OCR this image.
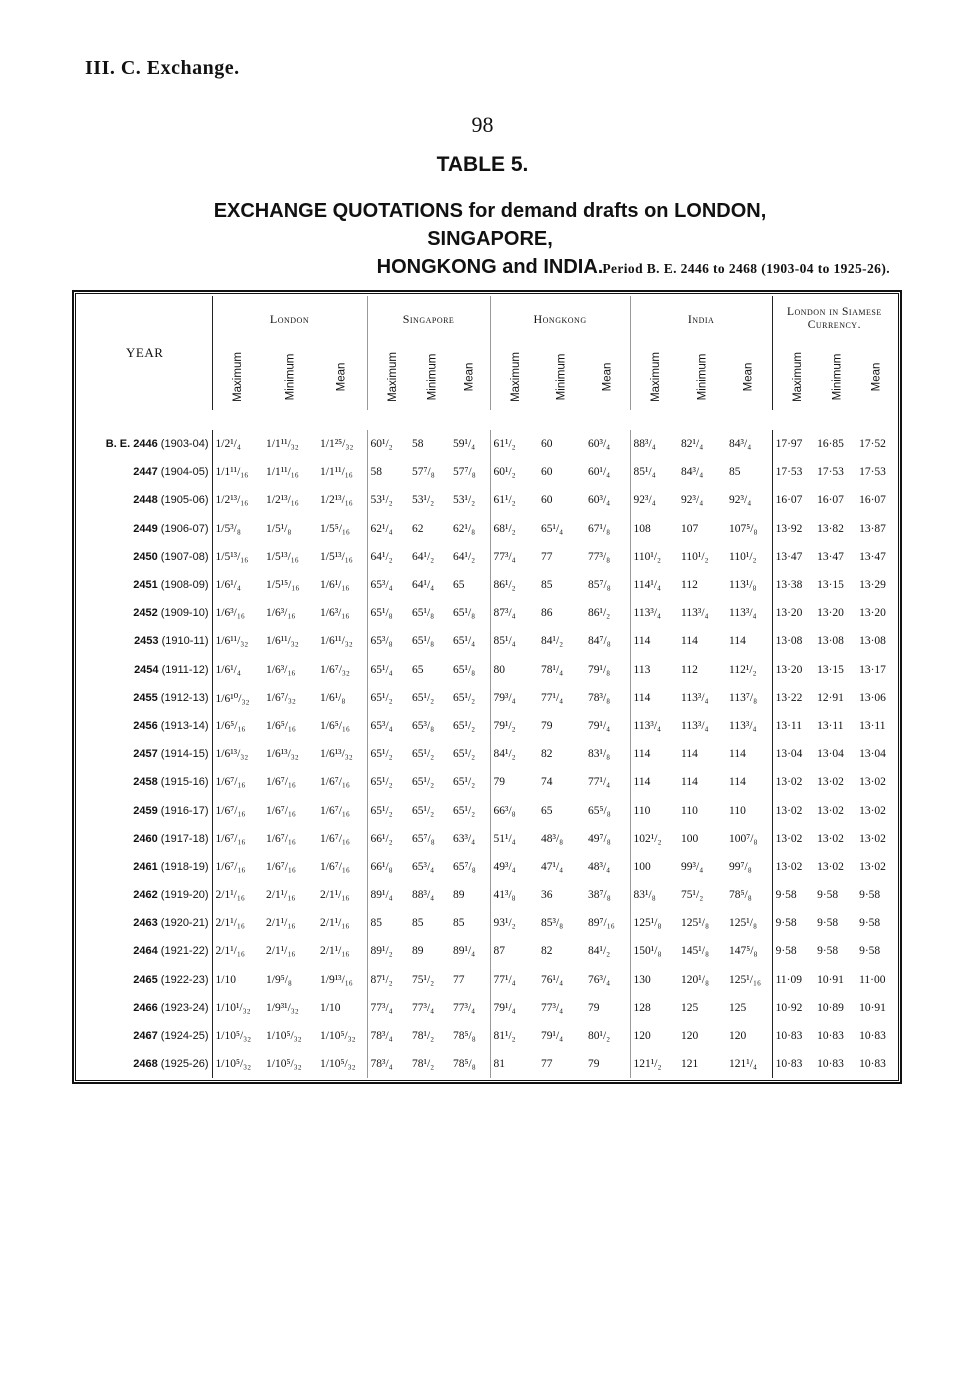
III. C. Exchange.
98
TABLE 5.
EXCHANGE QUOTATIONS for demand drafts on LONDON, SINGAPORE,
HONGKONG and INDIA. Period B. E. 2446 to 2468 (1903-04 to 1925-26).
YEAR	London			Singapore			Hongkong			India			London in Siamese Currency.		
	Maximum	Minimum	Mean	Maximum	Minimum	Mean	Maximum	Minimum	Mean	Maximum	Minimum	Mean	Maximum	Minimum	Mean

B. E. 2446 (1903-04)	1/2¹/₄	1/1¹¹/₃₂	1/1²⁵/₃₂	60¹/₂	58	59¹/₄	61¹/₂	60	60³/₄	88³/₄	82¹/₄	84³/₄	17·97	16·85	17·52
2447 (1904-05)	1/1¹¹/₁₆	1/1¹¹/₁₆	1/1¹¹/₁₆	58	57⁷/₈	57⁷/₈	60¹/₂	60	60¹/₄	85¹/₄	84³/₄	85	17·53	17·53	17·53
2448 (1905-06)	1/2¹³/₁₆	1/2¹³/₁₆	1/2¹³/₁₆	53¹/₂	53¹/₂	53¹/₂	61¹/₂	60	60³/₄	92³/₄	92³/₄	92³/₄	16·07	16·07	16·07
2449 (1906-07)	1/5³/₈	1/5¹/₈	1/5⁵/₁₆	62¹/₄	62	62¹/₈	68¹/₂	65¹/₄	67¹/₈	108	107	107⁵/₈	13·92	13·82	13·87
2450 (1907-08)	1/5¹³/₁₆	1/5¹³/₁₆	1/5¹³/₁₆	64¹/₂	64¹/₂	64¹/₂	77³/₄	77	77³/₈	110¹/₂	110¹/₂	110¹/₂	13·47	13·47	13·47
2451 (1908-09)	1/6¹/₄	1/5¹⁵/₁₆	1/6¹/₁₆	65³/₄	64¹/₄	65	86¹/₂	85	85⁷/₈	114¹/₄	112	113¹/₈	13·38	13·15	13·29
2452 (1909-10)	1/6³/₁₆	1/6³/₁₆	1/6³/₁₆	65¹/₈	65¹/₈	65¹/₈	87³/₄	86	86¹/₂	113³/₄	113³/₄	113³/₄	13·20	13·20	13·20
2453 (1910-11)	1/6¹¹/₃₂	1/6¹¹/₃₂	1/6¹¹/₃₂	65³/₈	65¹/₈	65¹/₄	85¹/₄	84¹/₂	84⁷/₈	114	114	114	13·08	13·08	13·08
2454 (1911-12)	1/6¹/₄	1/6³/₁₆	1/6⁷/₃₂	65¹/₄	65	65¹/₈	80	78¹/₄	79¹/₈	113	112	112¹/₂	13·20	13·15	13·17
2455 (1912-13)	1/6¹⁰/₃₂	1/6⁷/₃₂	1/6¹/₈	65¹/₂	65¹/₂	65¹/₂	79³/₄	77¹/₄	78³/₈	114	113³/₄	113⁷/₈	13·22	12·91	13·06
2456 (1913-14)	1/6⁵/₁₆	1/6⁵/₁₆	1/6⁵/₁₆	65³/₄	65³/₈	65¹/₂	79¹/₂	79	79¹/₄	113³/₄	113³/₄	113³/₄	13·11	13·11	13·11
2457 (1914-15)	1/6¹³/₃₂	1/6¹³/₃₂	1/6¹³/₃₂	65¹/₂	65¹/₂	65¹/₂	84¹/₂	82	83¹/₈	114	114	114	13·04	13·04	13·04
2458 (1915-16)	1/6⁷/₁₆	1/6⁷/₁₆	1/6⁷/₁₆	65¹/₂	65¹/₂	65¹/₂	79	74	77¹/₄	114	114	114	13·02	13·02	13·02
2459 (1916-17)	1/6⁷/₁₆	1/6⁷/₁₆	1/6⁷/₁₆	65¹/₂	65¹/₂	65¹/₂	66³/₈	65	65⁵/₈	110	110	110	13·02	13·02	13·02
2460 (1917-18)	1/6⁷/₁₆	1/6⁷/₁₆	1/6⁷/₁₆	66¹/₂	65⁷/₈	63³/₄	51¹/₄	48³/₈	49⁷/₈	102¹/₂	100	100⁷/₈	13·02	13·02	13·02
2461 (1918-19)	1/6⁷/₁₆	1/6⁷/₁₆	1/6⁷/₁₆	66¹/₈	65³/₄	65⁷/₈	49³/₄	47¹/₄	48³/₄	100	99³/₄	99⁷/₈	13·02	13·02	13·02
2462 (1919-20)	2/1¹/₁₆	2/1¹/₁₆	2/1¹/₁₆	89¹/₄	88³/₄	89	41³/₈	36	38⁷/₈	83¹/₈	75¹/₂	78⁵/₈	9·58	9·58	9·58
2463 (1920-21)	2/1¹/₁₆	2/1¹/₁₆	2/1¹/₁₆	85	85	85	93¹/₂	85³/₈	89⁷/₁₆	125¹/₈	125¹/₈	125¹/₈	9·58	9·58	9·58
2464 (1921-22)	2/1¹/₁₆	2/1¹/₁₆	2/1¹/₁₆	89¹/₂	89	89¹/₄	87	82	84¹/₂	150¹/₈	145¹/₈	147⁵/₈	9·58	9·58	9·58
2465 (1922-23)	1/10	1/9⁵/₈	1/9¹³/₁₆	87¹/₂	75¹/₂	77	77¹/₄	76¹/₄	76³/₄	130	120¹/₈	125¹/₁₆	11·09	10·91	11·00
2466 (1923-24)	1/10¹/₃₂	1/9³¹/₃₂	1/10	77³/₄	77³/₄	77³/₄	79¹/₄	77³/₄	79	128	125	125	10·92	10·89	10·91
2467 (1924-25)	1/10⁵/₃₂	1/10⁵/₃₂	1/10⁵/₃₂	78³/₄	78¹/₂	78⁵/₈	81¹/₂	79¹/₄	80¹/₂	120	120	120	10·83	10·83	10·83
2468 (1925-26)	1/10⁵/₃₂	1/10⁵/₃₂	1/10⁵/₃₂	78³/₄	78¹/₂	78⁵/₈	81	77	79	121¹/₂	121	121¹/₄	10·83	10·83	10·83
